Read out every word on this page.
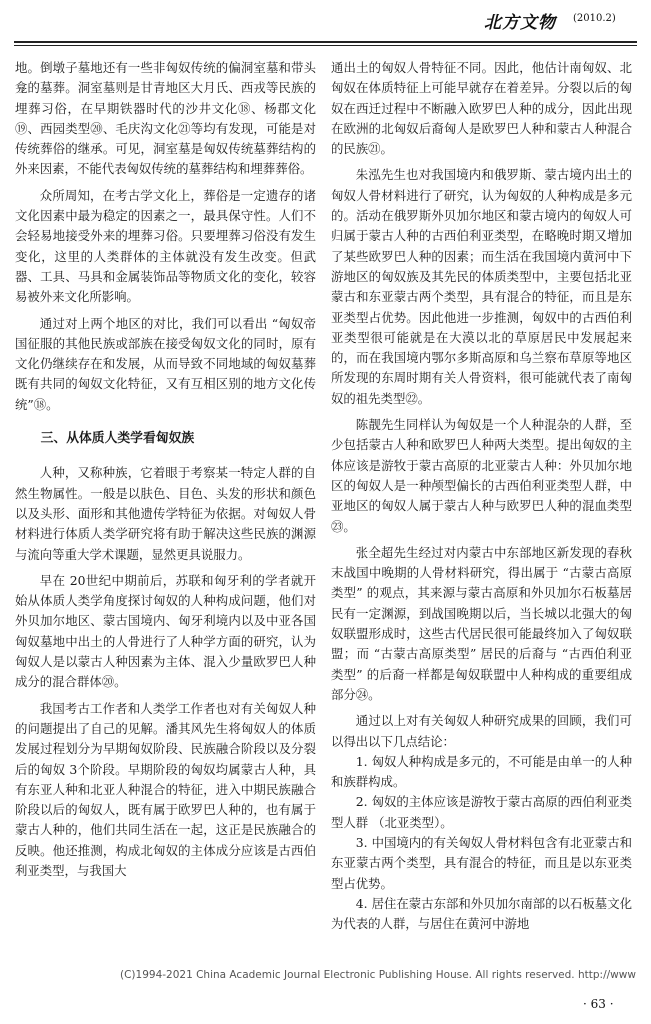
北方文物 (2010.2)

地。倒墩子墓地还有一些非匈奴传统的偏洞室墓和带头龛的墓葬。洞室墓则是甘青地区大月氏、西戎等民族的埋葬习俗，在早期铁器时代的沙井文化⑱、杨郡文化⑲、西园类型⑳、毛庆沟文化㉑等均有发现，可能是对传统葬俗的继承。可见，洞室墓是匈奴传统墓葬结构的外来因素，不能代表匈奴传统的墓葬结构和埋葬葬俗。

众所周知，在考古学文化上，葬俗是一定遗存的诸文化因素中最为稳定的因素之一，最具保守性。人们不会轻易地接受外来的埋葬习俗。只要埋葬习俗没有发生变化，这里的人类群体的主体就没有发生改变。但武器、工具、马具和金属装饰品等物质文化的变化，较容易被外来文化所影响。

通过对上两个地区的对比，我们可以看出 “匈奴帝国征服的其他民族或部族在接受匈奴文化的同时，原有文化仍继续存在和发展，从而导致不同地域的匈奴墓葬既有共同的匈奴文化特征，又有互相区别的地方文化传统”⑱。

三、从体质人类学看匈奴族

人种，又称种族，它着眼于考察某一特定人群的自然生物属性。一般是以肤色、目色、头发的形状和颜色以及头形、面形和其他遗传学特征为依据。对匈奴人骨材料进行体质人类学研究将有助于解决这些民族的渊源与流向等重大学术课题，显然更具说服力。

早在 20世纪中期前后，苏联和匈牙利的学者就开始从体质人类学角度探讨匈奴的人种构成问题，他们对外贝加尔地区、蒙古国境内、匈牙利境内以及中亚各国匈奴墓地中出土的人骨进行了人种学方面的研究，认为匈奴人是以蒙古人种因素为主体、混入少量欧罗巴人种成分的混合群体⑳。

我国考古工作者和人类学工作者也对有关匈奴人种的问题提出了自己的见解。潘其风先生将匈奴人的体质发展过程划分为早期匈奴阶段、民族融合阶段以及分裂后的匈奴 3个阶段。早期阶段的匈奴均属蒙古人种，具有东亚人种和北亚人种混合的特征，进入中期民族融合阶段以后的匈奴人，既有属于欧罗巴人种的，也有属于蒙古人种的，他们共同生活在一起，这正是民族融合的反映。他还推测，构成北匈奴的主体成分应该是古西伯利亚类型，与我国大

通出土的匈奴人骨特征不同。因此，他估计南匈奴、北匈奴在体质特征上可能早就存在着差异。分裂以后的匈奴在西迁过程中不断融入欧罗巴人种的成分，因此出现在欧洲的北匈奴后裔匈人是欧罗巴人种和蒙古人种混合的民族㉑。

朱泓先生也对我国境内和俄罗斯、蒙古境内出土的匈奴人骨材料进行了研究，认为匈奴的人种构成是多元的。活动在俄罗斯外贝加尔地区和蒙古境内的匈奴人可归属于蒙古人种的古西伯利亚类型，在略晚时期又增加了某些欧罗巴人种的因素；而生活在我国境内黄河中下游地区的匈奴族及其先民的体质类型中，主要包括北亚蒙古和东亚蒙古两个类型，具有混合的特征，而且是东亚类型占优势。因此他进一步推测，匈奴中的古西伯利亚类型很可能就是在大漠以北的草原居民中发展起来的，而在我国境内鄂尔多斯高原和乌兰察布草原等地区所发现的东周时期有关人骨资料，很可能就代表了南匈奴的祖先类型㉒。

陈靓先生同样认为匈奴是一个人种混杂的人群，至少包括蒙古人种和欧罗巴人种两大类型。提出匈奴的主体应该是游牧于蒙古高原的北亚蒙古人种：外贝加尔地区的匈奴人是一种颅型偏长的古西伯利亚类型人群，中亚地区的匈奴人属于蒙古人种与欧罗巴人种的混血类型㉓。

张全超先生经过对内蒙古中东部地区新发现的春秋末战国中晚期的人骨材料研究，得出属于 “古蒙古高原类型” 的观点，其来源与蒙古高原和外贝加尔石板墓居民有一定渊源，到战国晚期以后，当长城以北强大的匈奴联盟形成时，这些古代居民很可能最终加入了匈奴联盟；而 “古蒙古高原类型” 居民的后裔与 “古西伯利亚类型” 的后裔一样都是匈奴联盟中人种构成的重要组成部分㉔。

通过以上对有关匈奴人种研究成果的回顾，我们可以得出以下几点结论：

1. 匈奴人种构成是多元的，不可能是由单一的人种和族群构成。

2. 匈奴的主体应该是游牧于蒙古高原的西伯利亚类型人群 （北亚类型）。

3. 中国境内的有关匈奴人骨材料包含有北亚蒙古和东亚蒙古两个类型，具有混合的特征，而且是以东亚类型占优势。

4. 居住在蒙古东部和外贝加尔南部的以石板墓文化为代表的人群，与居住在黄河中游地

(C)1994-2021 China Academic Journal Electronic Publishing House. All rights reserved. http://www
· 63 ·
